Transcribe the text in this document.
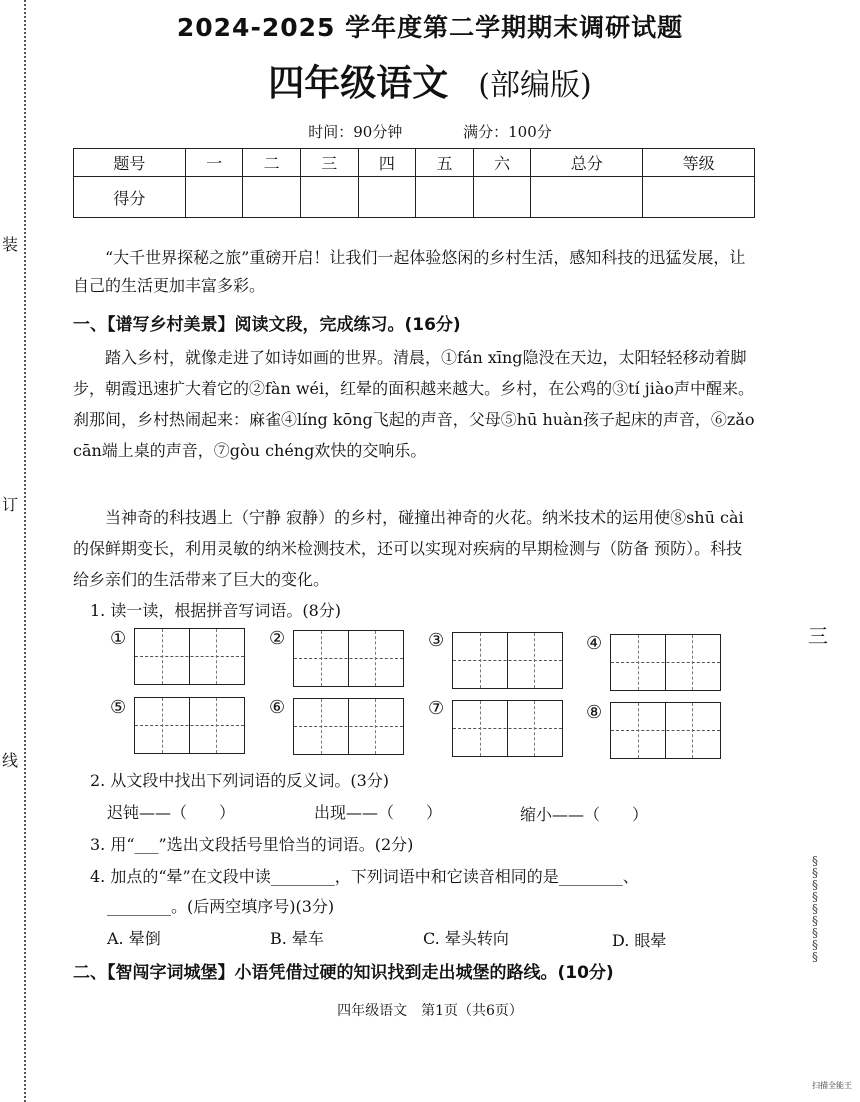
装
订
线
2024-2025 学年度第二学期期末调研试题
四年级语文 (部编版)
时间：90分钟	满分：100分
题号	一	二	三	四	五	六	总分	等级
得分								
“大千世界探秘之旅”重磅开启！让我们一起体验悠闲的乡村生活，感知科技的迅猛发展，让自己的生活更加丰富多彩。
一、【谱写乡村美景】阅读文段，完成练习。(16分)
踏入乡村，就像走进了如诗如画的世界。清晨，①fán xīng隐没在天边，太阳轻轻移动着脚步，朝霞迅速扩大着它的②fàn wéi，红晕的面积越来越大。乡村，在公鸡的③tí jiào声中醒来。刹那间，乡村热闹起来：麻雀④líng kōng飞起的声音，父母⑤hū huàn孩子起床的声音，⑥zǎo cān端上桌的声音，⑦gòu chéng欢快的交响乐。
当神奇的科技遇上（宁静 寂静）的乡村，碰撞出神奇的火花。纳米技术的运用使⑧shū cài的保鲜期变长，利用灵敏的纳米检测技术，还可以实现对疾病的早期检测与（防备 预防）。科技给乡亲们的生活带来了巨大的变化。
1. 读一读，根据拼音写词语。(8分)
①	②	③	④
⑤	⑥	⑦	⑧
2. 从文段中找出下列词语的反义词。(3分)
迟钝——（　　）	出现——（　　）	缩小——（　　）
3. 用“___”选出文段括号里恰当的词语。(2分)
4. 加点的“晕”在文段中读________，下列词语中和它读音相同的是________、
________。(后两空填序号)(3分)
A. 晕倒	B. 晕车	C. 晕头转向	D. 眼晕
二、【智闯字词城堡】小语凭借过硬的知识找到走出城堡的路线。(10分)
四年级语文　第1页（共6页）
三
§
§
§
§
§
§
§
§
§
扫描全能王
